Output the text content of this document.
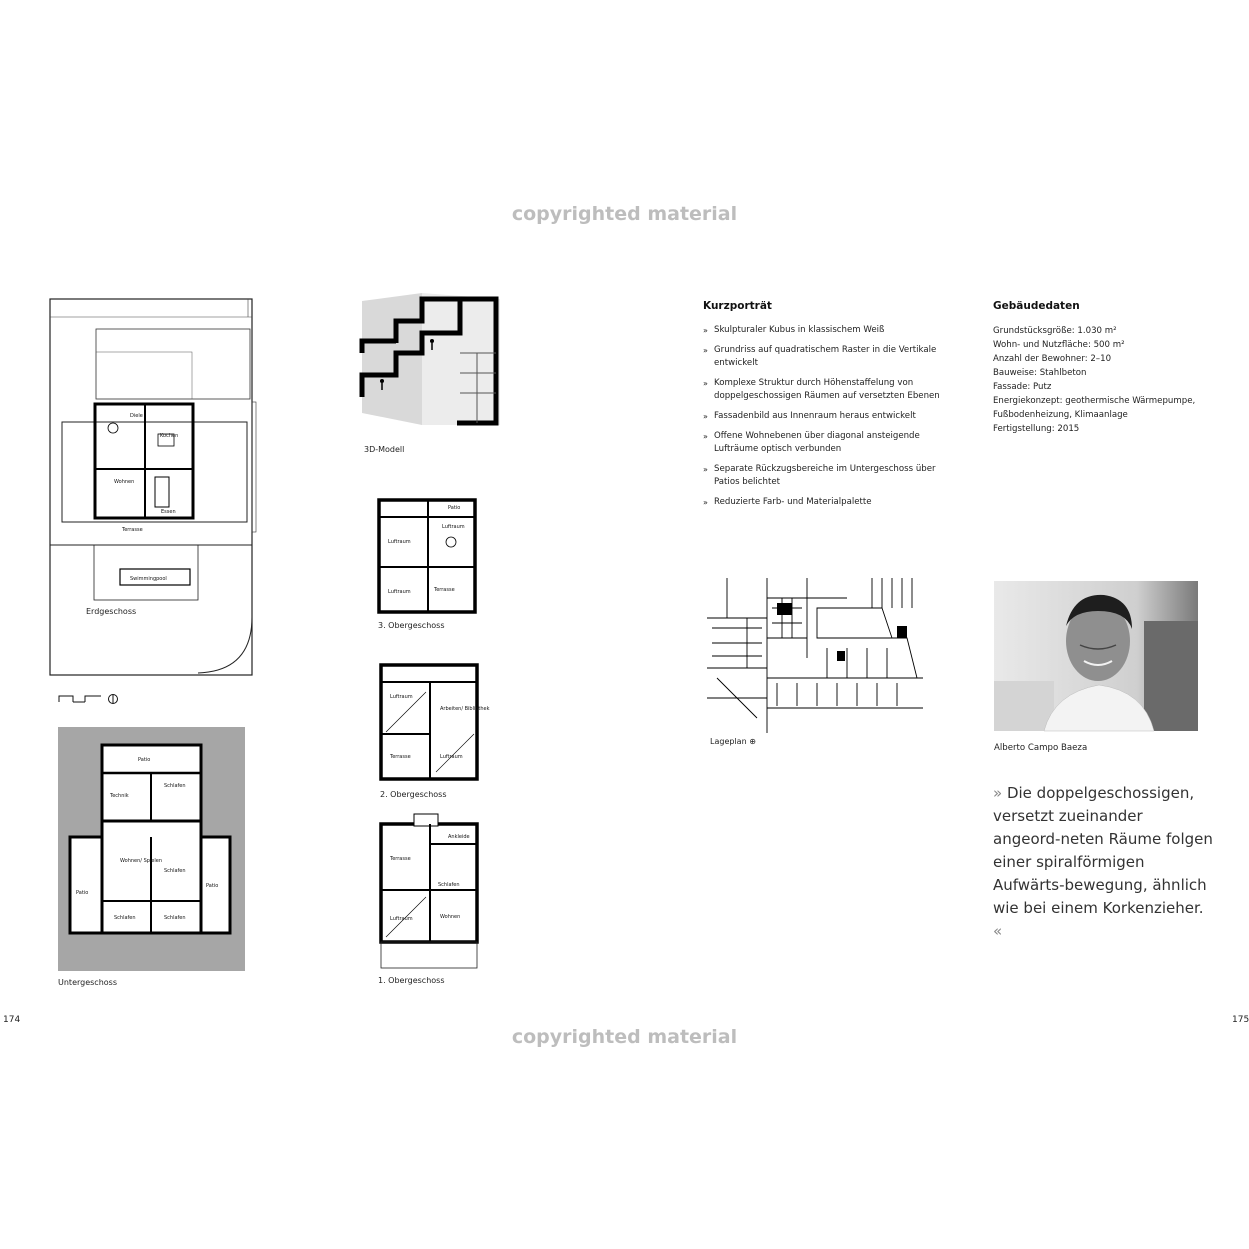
copyrighted material
copyrighted material
Diele
Kochen
Wohnen
Essen
Terrasse
Swimmingpool
Erdgeschoss
Patio
Technik
Schlafen
Wohnen/ Spielen
Schlafen
Patio
Patio
Schlafen	Schlafen
Untergeschoss
3D-Modell
Patio
Luftraum
Luftraum
Luftraum	Terrasse
3. Obergeschoss
Luftraum
Arbeiten/ Bibliothek
Terrasse	Luftraum
2. Obergeschoss
Ankleide
Terrasse
Schlafen
Luftraum	Wohnen
1. Obergeschoss
Kurzporträt
» Skulpturaler Kubus in klassischem Weiß
» Grundriss auf quadratischem Raster in die Vertikale entwickelt
» Komplexe Struktur durch Höhenstaffelung von doppelgeschossigen Räumen auf versetzten Ebenen
» Fassadenbild aus Innenraum heraus entwickelt
» Offene Wohnebenen über diagonal ansteigende Lufträume optisch verbunden
» Separate Rückzugsbereiche im Untergeschoss über Patios belichtet
» Reduzierte Farb- und Materialpalette
Gebäudedaten
Grundstücksgröße: 1.030 m²
Wohn- und Nutzfläche: 500 m²
Anzahl der Bewohner: 2–10
Bauweise: Stahlbeton
Fassade: Putz
Energiekonzept: geothermische Wärmepumpe,
Fußbodenheizung, Klimaanlage
Fertigstellung: 2015
Lageplan ⊕
Alberto Campo Baeza
» Die doppelgeschossigen, versetzt zueinander angeord-neten Räume folgen einer spiralförmigen Aufwärts-bewegung, ähnlich wie bei einem Korkenzieher. «
174	175
